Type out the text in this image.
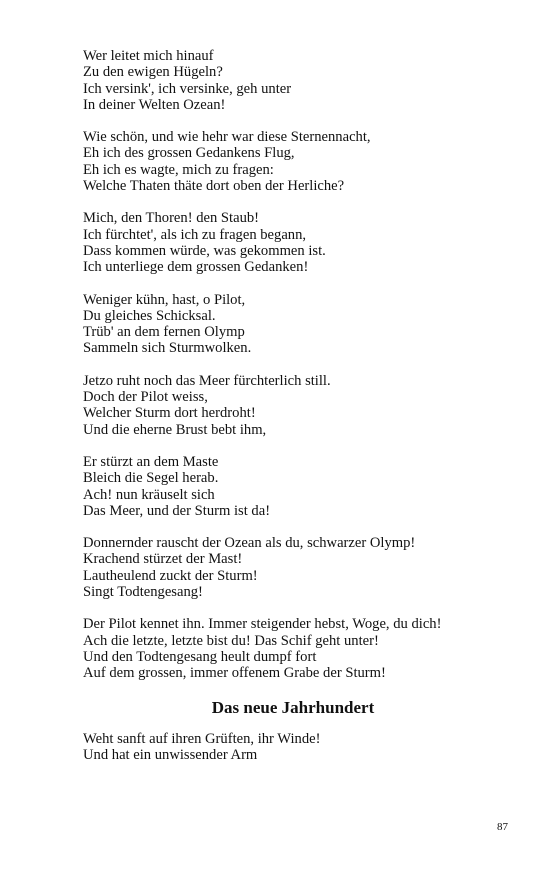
Wer leitet mich hinauf
Zu den ewigen Hügeln?
Ich versink', ich versinke, geh unter
In deiner Welten Ozean!
Wie schön, und wie hehr war diese Sternennacht,
Eh ich des grossen Gedankens Flug,
Eh ich es wagte, mich zu fragen:
Welche Thaten thäte dort oben der Herliche?
Mich, den Thoren! den Staub!
Ich fürchtet', als ich zu fragen begann,
Dass kommen würde, was gekommen ist.
Ich unterliege dem grossen Gedanken!
Weniger kühn, hast, o Pilot,
Du gleiches Schicksal.
Trüb' an dem fernen Olymp
Sammeln sich Sturmwolken.
Jetzo ruht noch das Meer fürchterlich still.
Doch der Pilot weiss,
Welcher Sturm dort herdroht!
Und die eherne Brust bebt ihm,
Er stürzt an dem Maste
Bleich die Segel herab.
Ach! nun kräuselt sich
Das Meer, und der Sturm ist da!
Donnernder rauscht der Ozean als du, schwarzer Olymp!
Krachend stürzet der Mast!
Lautheulend zuckt der Sturm!
Singt Todtengesang!
Der Pilot kennet ihn. Immer steigender hebst, Woge, du dich!
Ach die letzte, letzte bist du! Das Schif geht unter!
Und den Todtengesang heult dumpf fort
Auf dem grossen, immer offenem Grabe der Sturm!
Das neue Jahrhundert
Weht sanft auf ihren Grüften, ihr Winde!
Und hat ein unwissender Arm
87
